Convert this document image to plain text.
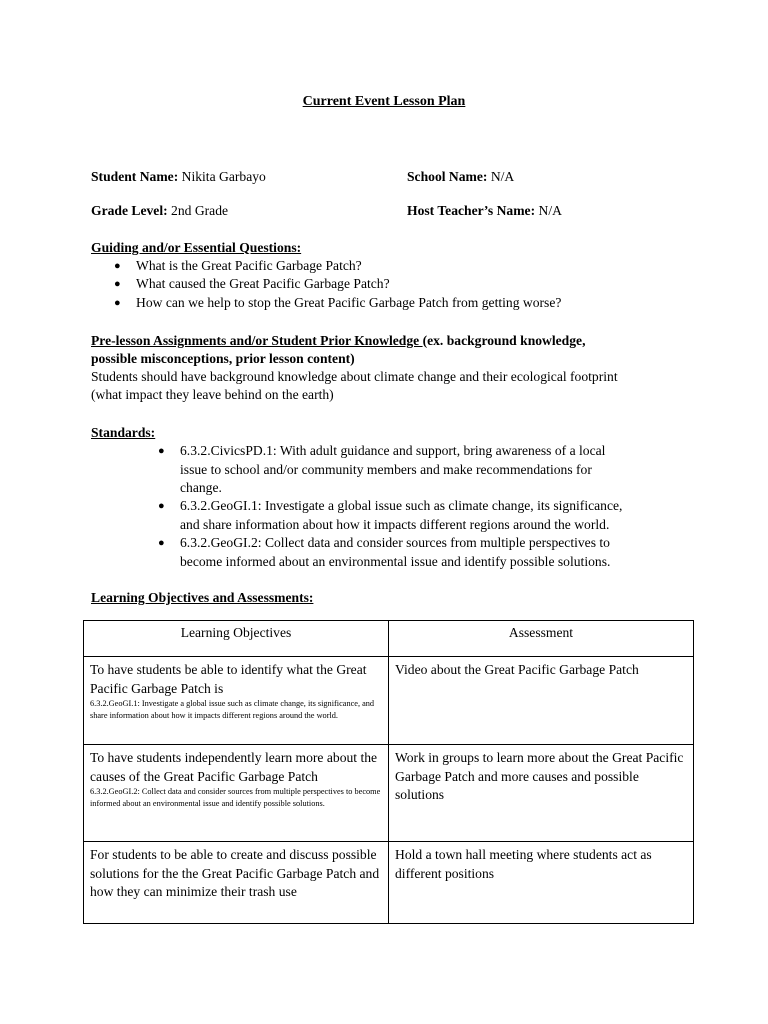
Current Event Lesson Plan
Student Name: Nikita Garbayo	School Name: N/A
Grade Level: 2nd Grade	Host Teacher’s Name: N/A
Guiding and/or Essential Questions:
● What is the Great Pacific Garbage Patch?
● What caused the Great Pacific Garbage Patch?
● How can we help to stop the Great Pacific Garbage Patch from getting worse?
Pre-lesson Assignments and/or Student Prior Knowledge (ex. background knowledge,
possible misconceptions, prior lesson content)
Students should have background knowledge about climate change and their ecological footprint
(what impact they leave behind on the earth)
Standards:
● 6.3.2.CivicsPD.1: With adult guidance and support, bring awareness of a local
issue to school and/or community members and make recommendations for
change.
● 6.3.2.GeoGI.1: Investigate a global issue such as climate change, its significance,
and share information about how it impacts different regions around the world.
● 6.3.2.GeoGI.2: Collect data and consider sources from multiple perspectives to
become informed about an environmental issue and identify possible solutions.
Learning Objectives and Assessments:
Learning Objectives	Assessment
To have students be able to identify what the Great Pacific Garbage Patch is
6.3.2.GeoGI.1: Investigate a global issue such as climate change, its significance, and share information about how it impacts different regions around the world.	Video about the Great Pacific Garbage Patch
To have students independently learn more about the causes of the Great Pacific Garbage Patch
6.3.2.GeoGI.2: Collect data and consider sources from multiple perspectives to become informed about an environmental issue and identify possible solutions.	Work in groups to learn more about the Great Pacific Garbage Patch and more causes and possible solutions
For students to be able to create and discuss possible solutions for the the Great Pacific Garbage Patch and how they can minimize their trash use	Hold a town hall meeting where students act as different positions
